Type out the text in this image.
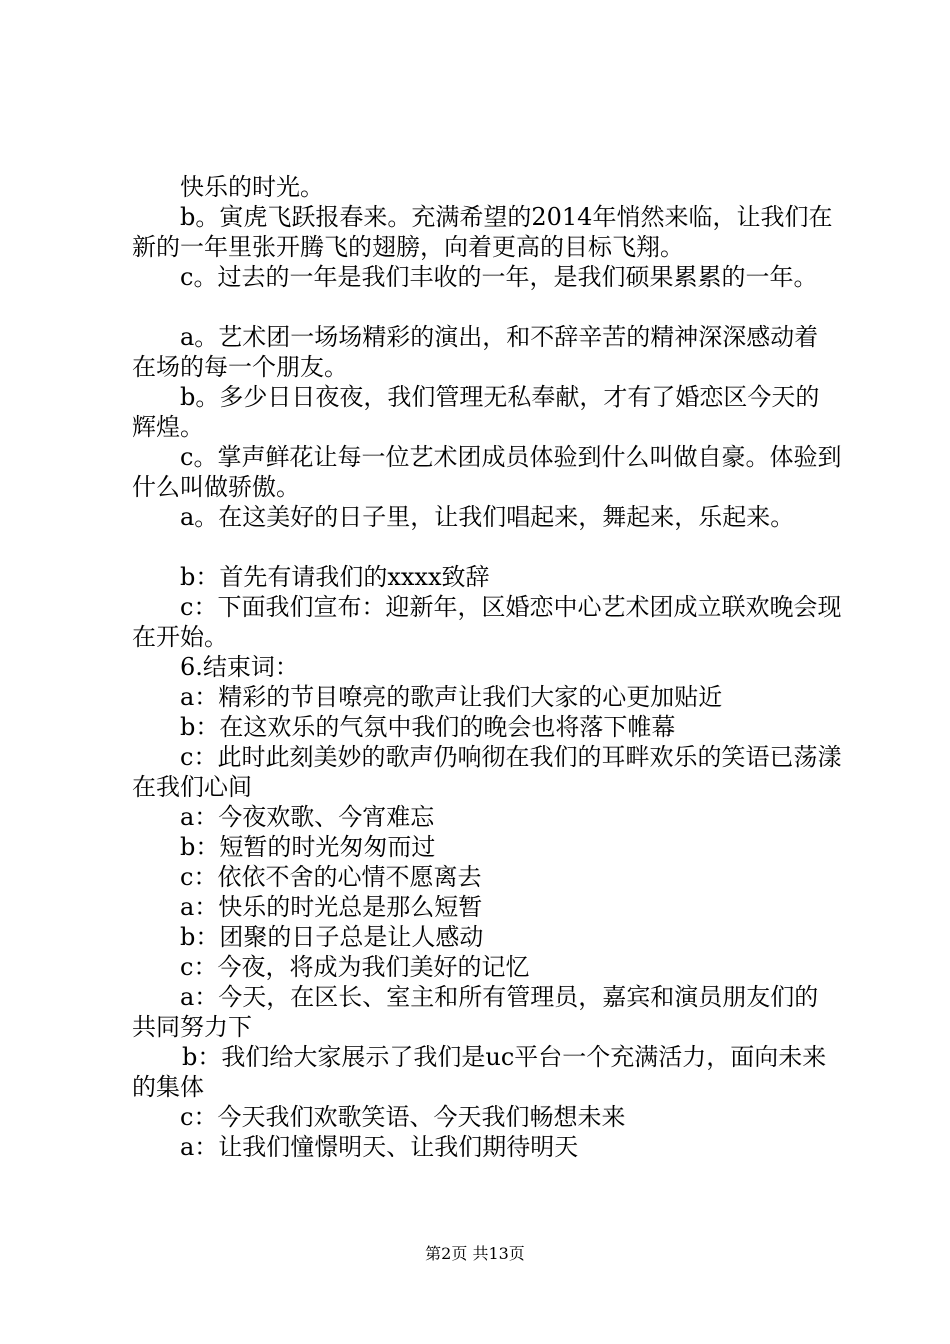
快乐的时光。

b。寅虎飞跃报春来。充满希望的2014年悄然来临，让我们在新的一年里张开腾飞的翅膀，向着更高的目标飞翔。

c。过去的一年是我们丰收的一年，是我们硕果累累的一年。

a。艺术团一场场精彩的演出，和不辞辛苦的精神深深感动着在场的每一个朋友。

b。多少日日夜夜，我们管理无私奉献，才有了婚恋区今天的辉煌。

c。掌声鲜花让每一位艺术团成员体验到什么叫做自豪。体验到什么叫做骄傲。

a。在这美好的日子里，让我们唱起来，舞起来，乐起来。

b：首先有请我们的xxxx致辞

c：下面我们宣布：迎新年，区婚恋中心艺术团成立联欢晚会现在开始。

6.结束词：

a：精彩的节目嘹亮的歌声让我们大家的心更加贴近

b：在这欢乐的气氛中我们的晚会也将落下帷幕

c：此时此刻美妙的歌声仍响彻在我们的耳畔欢乐的笑语已荡漾在我们心间

a：今夜欢歌、今宵难忘

b：短暂的时光匆匆而过

c：依依不舍的心情不愿离去

a：快乐的时光总是那么短暂

b：团聚的日子总是让人感动

c：今夜，将成为我们美好的记忆

a：今天，在区长、室主和所有管理员，嘉宾和演员朋友们的共同努力下

b：我们给大家展示了我们是uc平台一个充满活力，面向未来的集体

c：今天我们欢歌笑语、今天我们畅想未来

a：让我们憧憬明天、让我们期待明天

第2页 共13页
